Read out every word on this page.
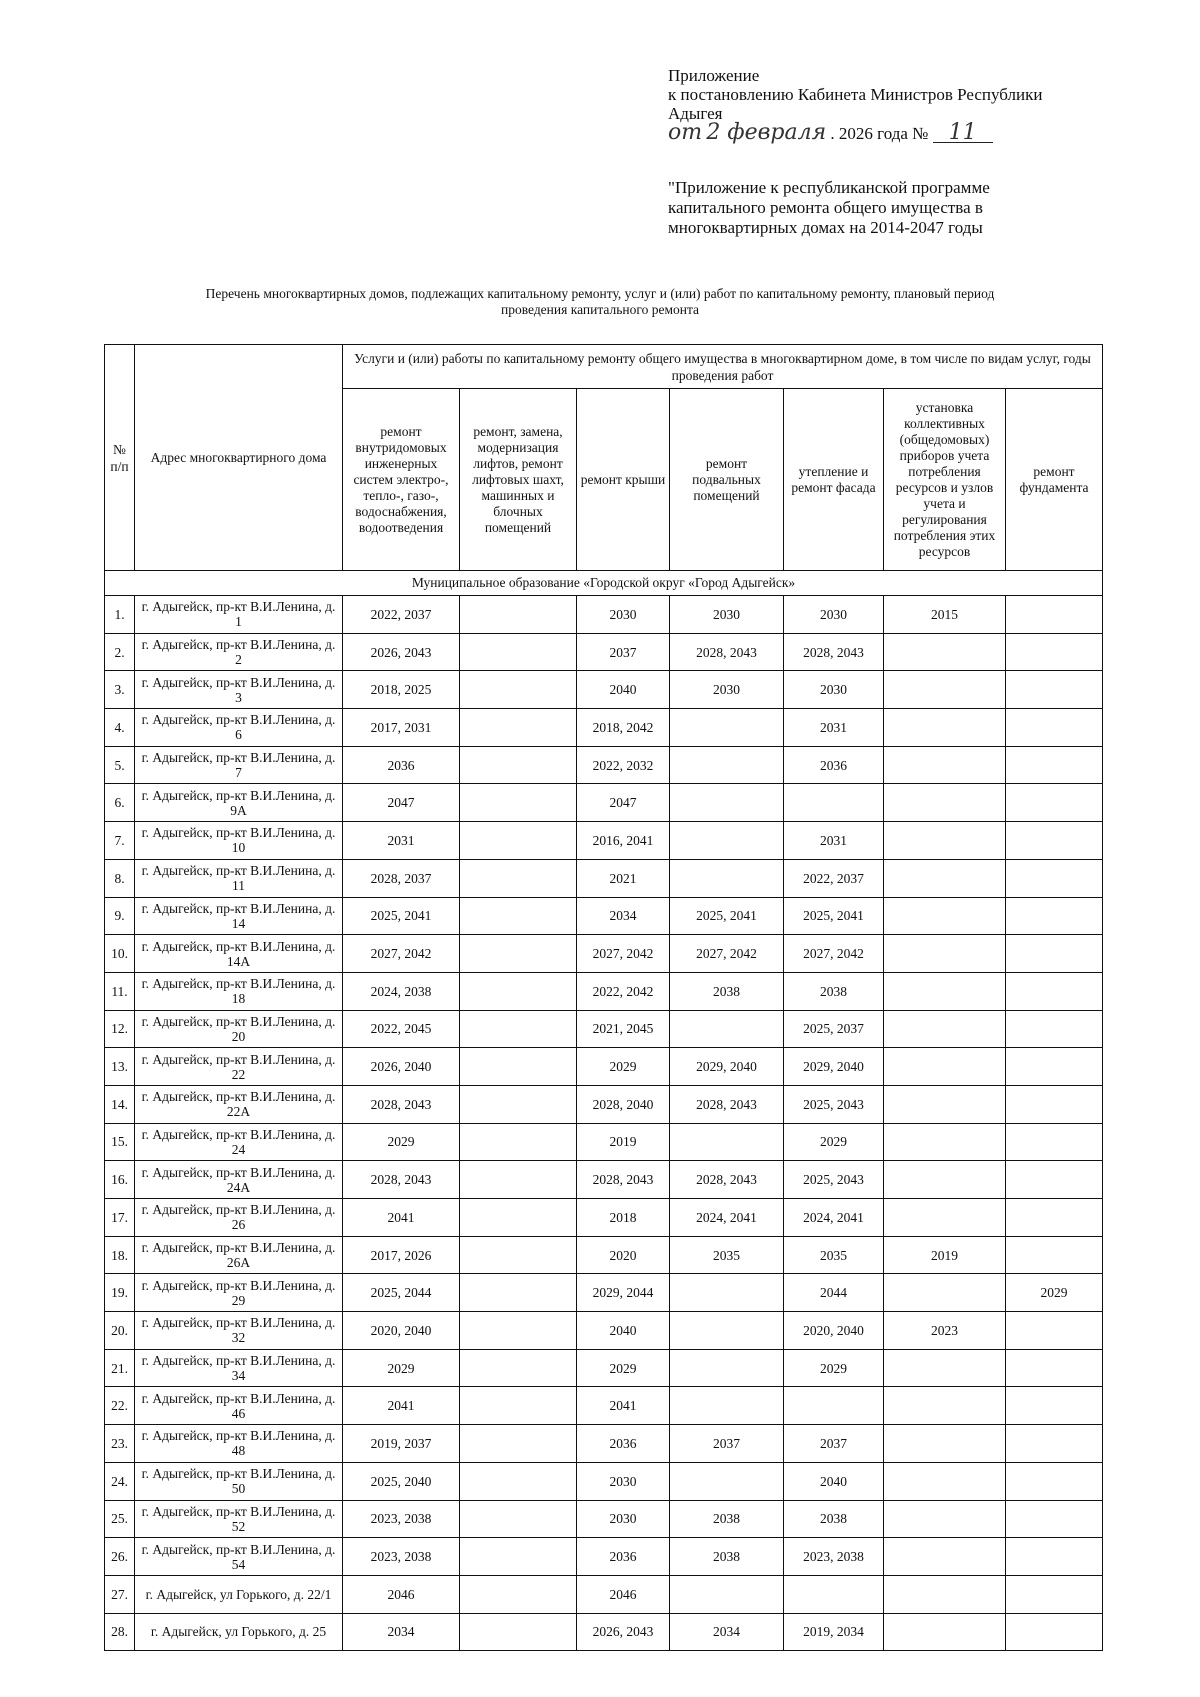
Приложение
к постановлению Кабинета Министров Республики
Адыгея
от 2 февраля . 2026 года № 11
"Приложение к республиканской программе
капитального ремонта общего имущества в
многоквартирных домах на 2014-2047 годы
Перечень многоквартирных домов, подлежащих капитальному ремонту, услуг и (или) работ по капитальному ремонту, плановый период
проведения капитального ремонта
№ п/п	Адрес многоквартирного дома	Услуги и (или) работы по капитальному ремонту общего имущества в многоквартирном доме, в том числе по видам услуг, годы проведения работ						
		ремонт внутридомовых инженерных систем электро-, тепло-, газо-, водоснабжения, водоотведения	ремонт, замена, модернизация лифтов, ремонт лифтовых шахт, машинных и блочных помещений	ремонт крыши	ремонт подвальных помещений	утепление и ремонт фасада	установка коллективных (общедомовых) приборов учета потребления ресурсов и узлов учета и регулирования потребления этих ресурсов	ремонт фундамента
Муниципальное образование «Городской округ «Город Адыгейск»								
1.	г. Адыгейск, пр-кт В.И.Ленина, д. 1	2022, 2037		2030	2030	2030	2015	
2.	г. Адыгейск, пр-кт В.И.Ленина, д. 2	2026, 2043		2037	2028, 2043	2028, 2043		
3.	г. Адыгейск, пр-кт В.И.Ленина, д. 3	2018, 2025		2040	2030	2030		
4.	г. Адыгейск, пр-кт В.И.Ленина, д. 6	2017, 2031		2018, 2042		2031		
5.	г. Адыгейск, пр-кт В.И.Ленина, д. 7	2036		2022, 2032		2036		
6.	г. Адыгейск, пр-кт В.И.Ленина, д. 9А	2047		2047				
7.	г. Адыгейск, пр-кт В.И.Ленина, д. 10	2031		2016, 2041		2031		
8.	г. Адыгейск, пр-кт В.И.Ленина, д. 11	2028, 2037		2021		2022, 2037		
9.	г. Адыгейск, пр-кт В.И.Ленина, д. 14	2025, 2041		2034	2025, 2041	2025, 2041		
10.	г. Адыгейск, пр-кт В.И.Ленина, д. 14А	2027, 2042		2027, 2042	2027, 2042	2027, 2042		
11.	г. Адыгейск, пр-кт В.И.Ленина, д. 18	2024, 2038		2022, 2042	2038	2038		
12.	г. Адыгейск, пр-кт В.И.Ленина, д. 20	2022, 2045		2021, 2045		2025, 2037		
13.	г. Адыгейск, пр-кт В.И.Ленина, д. 22	2026, 2040		2029	2029, 2040	2029, 2040		
14.	г. Адыгейск, пр-кт В.И.Ленина, д. 22А	2028, 2043		2028, 2040	2028, 2043	2025, 2043		
15.	г. Адыгейск, пр-кт В.И.Ленина, д. 24	2029		2019		2029		
16.	г. Адыгейск, пр-кт В.И.Ленина, д. 24А	2028, 2043		2028, 2043	2028, 2043	2025, 2043		
17.	г. Адыгейск, пр-кт В.И.Ленина, д. 26	2041		2018	2024, 2041	2024, 2041		
18.	г. Адыгейск, пр-кт В.И.Ленина, д. 26А	2017, 2026		2020	2035	2035	2019	
19.	г. Адыгейск, пр-кт В.И.Ленина, д. 29	2025, 2044		2029, 2044		2044		2029
20.	г. Адыгейск, пр-кт В.И.Ленина, д. 32	2020, 2040		2040		2020, 2040	2023	
21.	г. Адыгейск, пр-кт В.И.Ленина, д. 34	2029		2029		2029		
22.	г. Адыгейск, пр-кт В.И.Ленина, д. 46	2041		2041				
23.	г. Адыгейск, пр-кт В.И.Ленина, д. 48	2019, 2037		2036	2037	2037		
24.	г. Адыгейск, пр-кт В.И.Ленина, д. 50	2025, 2040		2030		2040		
25.	г. Адыгейск, пр-кт В.И.Ленина, д. 52	2023, 2038		2030	2038	2038		
26.	г. Адыгейск, пр-кт В.И.Ленина, д. 54	2023, 2038		2036	2038	2023, 2038		
27.	г. Адыгейск, ул Горького, д. 22/1	2046		2046				
28.	г. Адыгейск, ул Горького, д. 25	2034		2026, 2043	2034	2019, 2034		
